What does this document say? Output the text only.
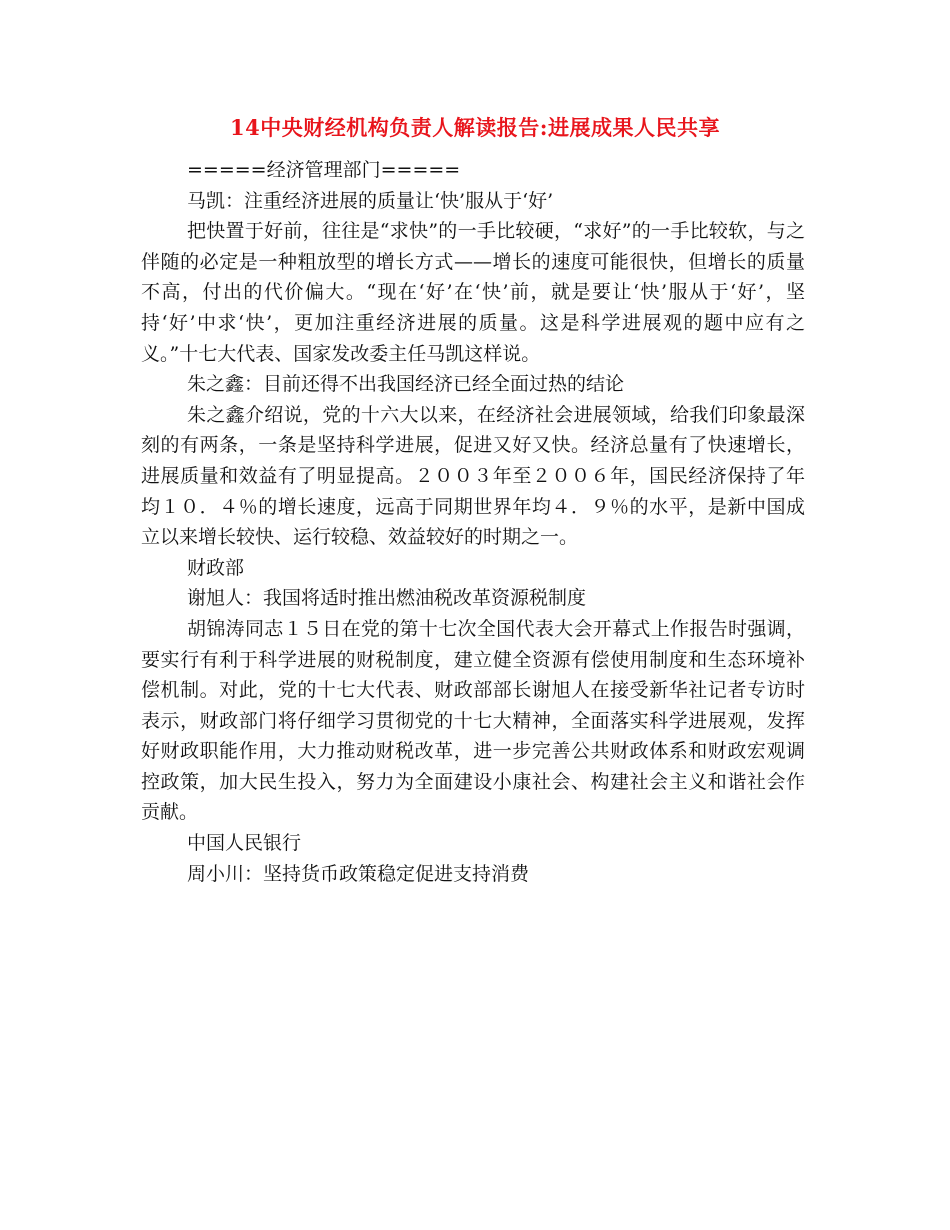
14中央财经机构负责人解读报告:进展成果人民共享

=====经济管理部门=====

马凯：注重经济进展的质量让‘快’服从于‘好’

把快置于好前，往往是“求快”的一手比较硬，“求好”的一手比较软，与之伴随的必定是一种粗放型的增长方式——增长的速度可能很快，但增长的质量不高，付出的代价偏大。“现在‘好’在‘快’前，就是要让‘快’服从于‘好’，坚持‘好’中求‘快’，更加注重经济进展的质量。这是科学进展观的题中应有之义。”十七大代表、国家发改委主任马凯这样说。

朱之鑫：目前还得不出我国经济已经全面过热的结论

朱之鑫介绍说，党的十六大以来，在经济社会进展领域，给我们印象最深刻的有两条，一条是坚持科学进展，促进又好又快。经济总量有了快速增长，进展质量和效益有了明显提高。２００３年至２００６年，国民经济保持了年均１０．４％的增长速度，远高于同期世界年均４．９％的水平，是新中国成立以来增长较快、运行较稳、效益较好的时期之一。

财政部

谢旭人：我国将适时推出燃油税改革资源税制度

胡锦涛同志１５日在党的第十七次全国代表大会开幕式上作报告时强调，要实行有利于科学进展的财税制度，建立健全资源有偿使用制度和生态环境补偿机制。对此，党的十七大代表、财政部部长谢旭人在接受新华社记者专访时表示，财政部门将仔细学习贯彻党的十七大精神，全面落实科学进展观，发挥好财政职能作用，大力推动财税改革，进一步完善公共财政体系和财政宏观调控政策，加大民生投入，努力为全面建设小康社会、构建社会主义和谐社会作贡献。

中国人民银行

周小川：坚持货币政策稳定促进支持消费
